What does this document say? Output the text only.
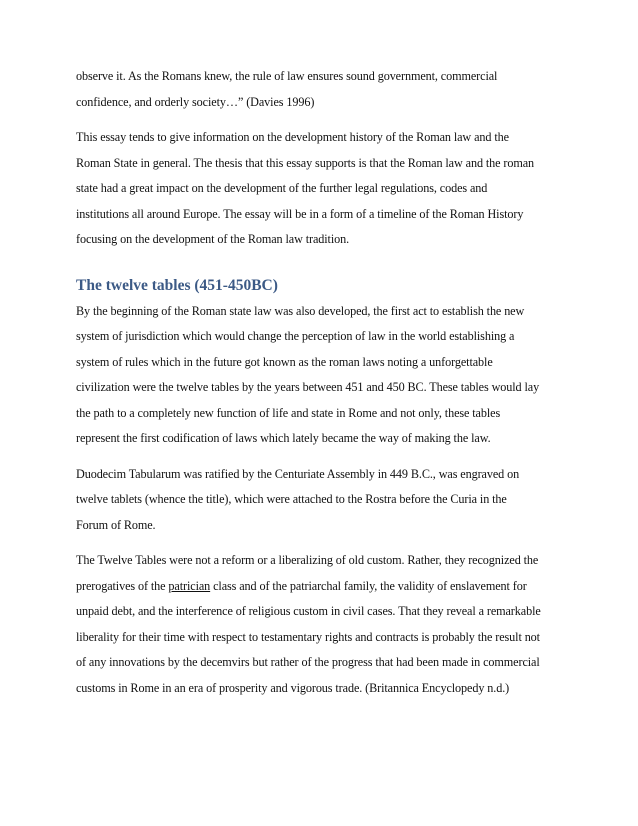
observe it. As the Romans knew, the rule of law ensures sound government, commercial
confidence, and orderly society…” (Davies 1996)

This essay tends to give information on the development history of the Roman law and the
Roman State in general. The thesis that this essay supports is that the Roman law and the roman
state had a great impact on the development of the further legal regulations, codes and
institutions all around Europe. The essay will be in a form of a timeline of the Roman History
focusing on the development of the Roman law tradition.

The twelve tables (451-450BC)

By the beginning of the Roman state law was also developed, the first act to establish the new
system of jurisdiction which would change the perception of law in the world establishing a
system of rules which in the future got known as the roman laws noting a unforgettable
civilization were the twelve tables by the years between 451 and 450 BC. These tables would lay
the path to a completely new function of life and state in Rome and not only, these tables
represent the first codification of laws which lately became the way of making the law.

Duodecim Tabularum was ratified by the Centuriate Assembly in 449 B.C., was engraved on
twelve tablets (whence the title), which were attached to the Rostra before the Curia in the
Forum of Rome.

The Twelve Tables were not a reform or a liberalizing of old custom. Rather, they recognized the
prerogatives of the patrician class and of the patriarchal family, the validity of enslavement for
unpaid debt, and the interference of religious custom in civil cases. That they reveal a remarkable
liberality for their time with respect to testamentary rights and contracts is probably the result not
of any innovations by the decemvirs but rather of the progress that had been made in commercial
customs in Rome in an era of prosperity and vigorous trade. (Britannica Encyclopedy n.d.)
